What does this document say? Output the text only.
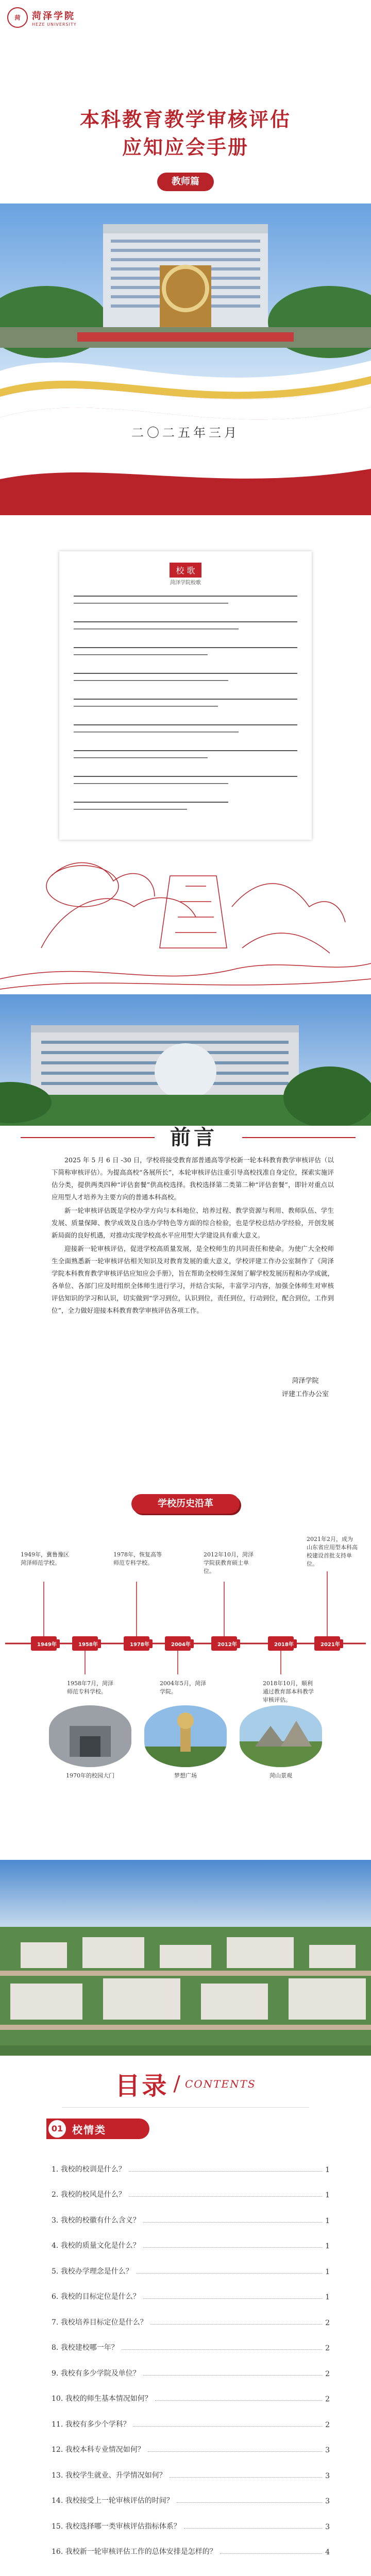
菏	菏泽学院
HEZE UNIVERSITY
本科教育教学审核评估
应知应会手册
教师篇
二〇二五年三月
校 歌
菏泽学院校歌
前言

2025 年 5 月 6 日 -30 日，学校将接受教育部普通高等学校新一轮本科教育教学审核评估（以下简称审核评估）。为提高高校“各展所长”，本轮审核评估注重引导高校找准自身定位，探索实施评估分类，提供两类四种“评估套餐”供高校选择。我校选择第二类第二种“评估套餐”，即针对重点以应用型人才培养为主要方向的普通本科高校。

新一轮审核评估既是学校办学方向与本科地位、培养过程、教学资源与利用、教师队伍、学生发展、质量保障、教学成效及自选办学特色等方面的综合检验，也是学校总结办学经验，开创发展新局面的良好机遇，对推动实现学校高水平应用型大学建设具有重大意义。

迎接新一轮审核评估，促进学校高质量发展，是全校师生的共同责任和使命。为使广大全校师生全面熟悉新一轮审核评估相关知识及对教育发展的重大意义，学校评建工作办公室制作了《菏泽学院本科教育教学审核评估应知应会手册》，旨在帮助全校师生深刻了解学校发展历程和办学成就，各单位、各部门应及时组织全体师生进行学习，并结合实际，丰富学习内容，加强全体师生对审核评估知识的学习和认识，切实做到“学习到位，认识到位，责任到位，行动到位，配合到位，工作到位”，全力做好迎接本科教育教学审核评估各项工作。

菏泽学院
评建工作办公室
学校历史沿革
1949年	1958年	1978年	2004年	2012年	2018年	2021年
1949年，冀鲁豫区菏泽师范学校。
1958年7月，菏泽师范专科学校。
1978年，恢复高等师范专科学校。
2004年5月，菏泽学院。
2012年10月，菏泽学院获教育硕士单位。
2018年10月，顺利通过教育部本科教学审核评估。
2021年2月，成为山东省应用型本科高校建设首批支持单位。
1970年的校园大门	梦想广场	菏山景观
目录 / CONTENTS
01 校情类
1. 我校的校训是什么？	1
2. 我校的校风是什么？	1
3. 我校的校徽有什么含义？	1
4. 我校的质量文化是什么？	1
5. 我校办学理念是什么？	1
6. 我校的目标定位是什么？	1
7. 我校培养目标定位是什么？	2
8. 我校建校哪一年？	2
9. 我校有多少学院及单位？	2
10. 我校的师生基本情况如何？	2
11. 我校有多少个学科？	2
12. 我校本科专业情况如何？	3
13. 我校学生就业、升学情况如何？	3
14. 我校接受上一轮审核评估的时间？	3
15. 我校选择哪一类审核评估指标体系？	3
16. 我校新一轮审核评估工作的总体安排是怎样的？	4
